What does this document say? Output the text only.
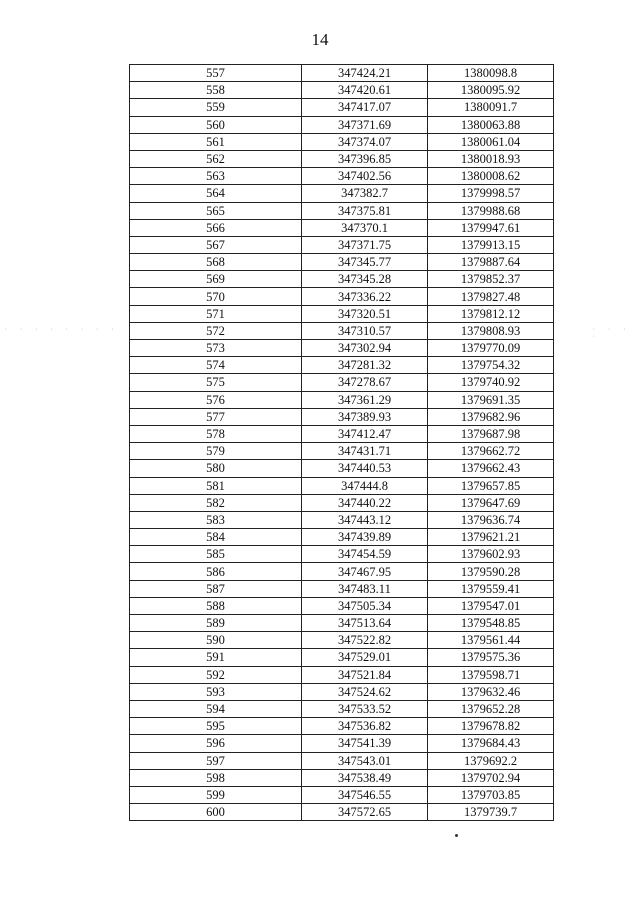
14
557	347424.21	1380098.8
558	347420.61	1380095.92
559	347417.07	1380091.7
560	347371.69	1380063.88
561	347374.07	1380061.04
562	347396.85	1380018.93
563	347402.56	1380008.62
564	347382.7	1379998.57
565	347375.81	1379988.68
566	347370.1	1379947.61
567	347371.75	1379913.15
568	347345.77	1379887.64
569	347345.28	1379852.37
570	347336.22	1379827.48
571	347320.51	1379812.12
572	347310.57	1379808.93
573	347302.94	1379770.09
574	347281.32	1379754.32
575	347278.67	1379740.92
576	347361.29	1379691.35
577	347389.93	1379682.96
578	347412.47	1379687.98
579	347431.71	1379662.72
580	347440.53	1379662.43
581	347444.8	1379657.85
582	347440.22	1379647.69
583	347443.12	1379636.74
584	347439.89	1379621.21
585	347454.59	1379602.93
586	347467.95	1379590.28
587	347483.11	1379559.41
588	347505.34	1379547.01
589	347513.64	1379548.85
590	347522.82	1379561.44
591	347529.01	1379575.36
592	347521.84	1379598.71
593	347524.62	1379632.46
594	347533.52	1379652.28
595	347536.82	1379678.82
596	347541.39	1379684.43
597	347543.01	1379692.2
598	347538.49	1379702.94
599	347546.55	1379703.85
600	347572.65	1379739.7
· · · · · · · ·	· · · ·
